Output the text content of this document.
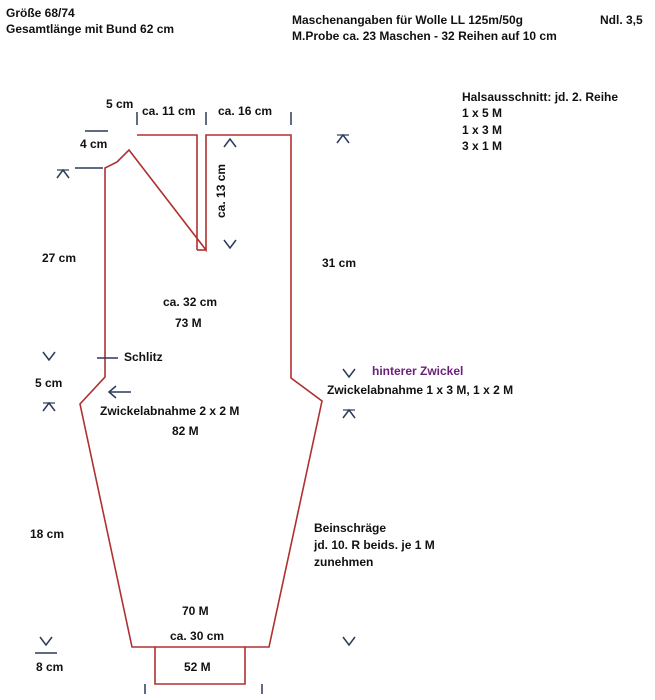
Größe 68/74
Gesamtlänge mit Bund 62 cm
Maschenangaben für Wolle LL 125m/50g	Ndl. 3,5
M.Probe ca. 23 Maschen - 32 Reihen auf 10 cm
Halsausschnitt: jd. 2. Reihe
1 x 5 M
1 x 3 M
3 x 1 M
5 cm ca. 11 cm ca. 16 cm
4 cm
ca. 13 cm
27 cm	31 cm
ca. 32 cm
73 M
Schlitz
5 cm
hinterer Zwickel
Zwickelabnahme 1 x 3 M, 1 x 2 M
Zwickelabnahme 2 x 2 M
82 M
18 cm	Beinschräge
jd. 10. R beids. je 1 M
zunehmen
70 M
ca. 30 cm
52 M
8 cm
